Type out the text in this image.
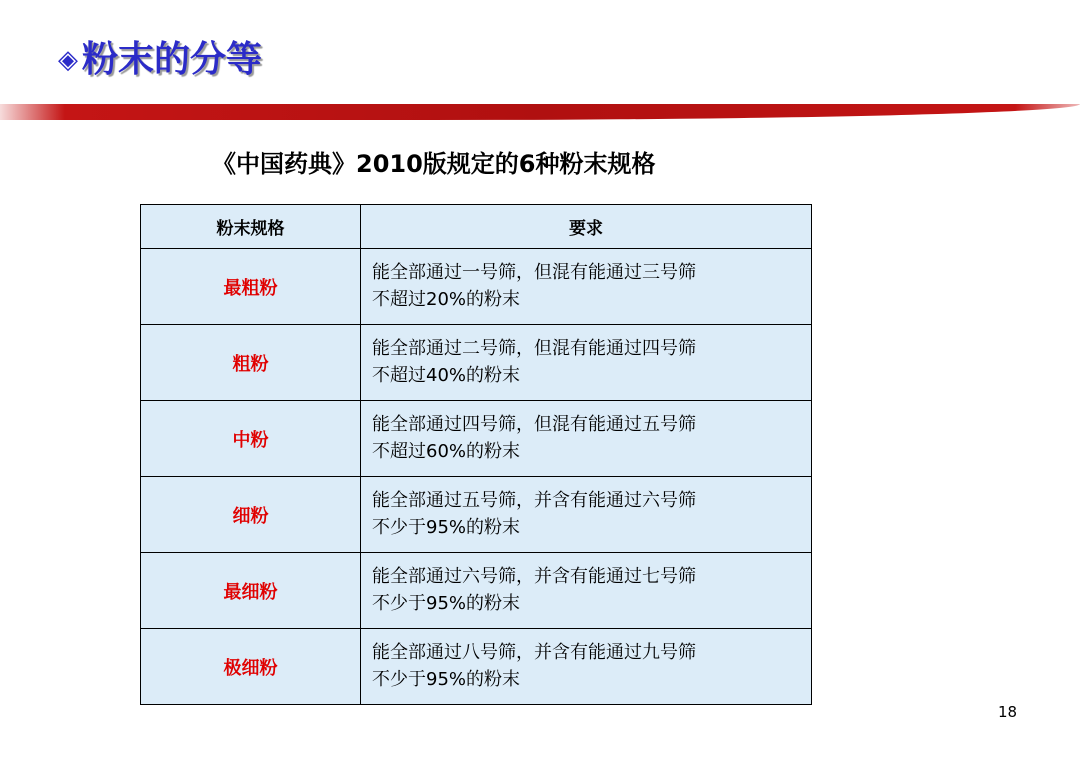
◈ 粉末的分等
《中国药典》2010版规定的6种粉末规格
粉末规格	要求
最粗粉	能全部通过一号筛，但混有能通过三号筛
不超过20%的粉末

粗粉	能全部通过二号筛，但混有能通过四号筛
不超过40%的粉末

中粉	能全部通过四号筛，但混有能通过五号筛
不超过60%的粉末

细粉	能全部通过五号筛，并含有能通过六号筛
不少于95%的粉末

最细粉	能全部通过六号筛，并含有能通过七号筛
不少于95%的粉末

极细粉	能全部通过八号筛，并含有能通过九号筛
不少于95%的粉末
18
